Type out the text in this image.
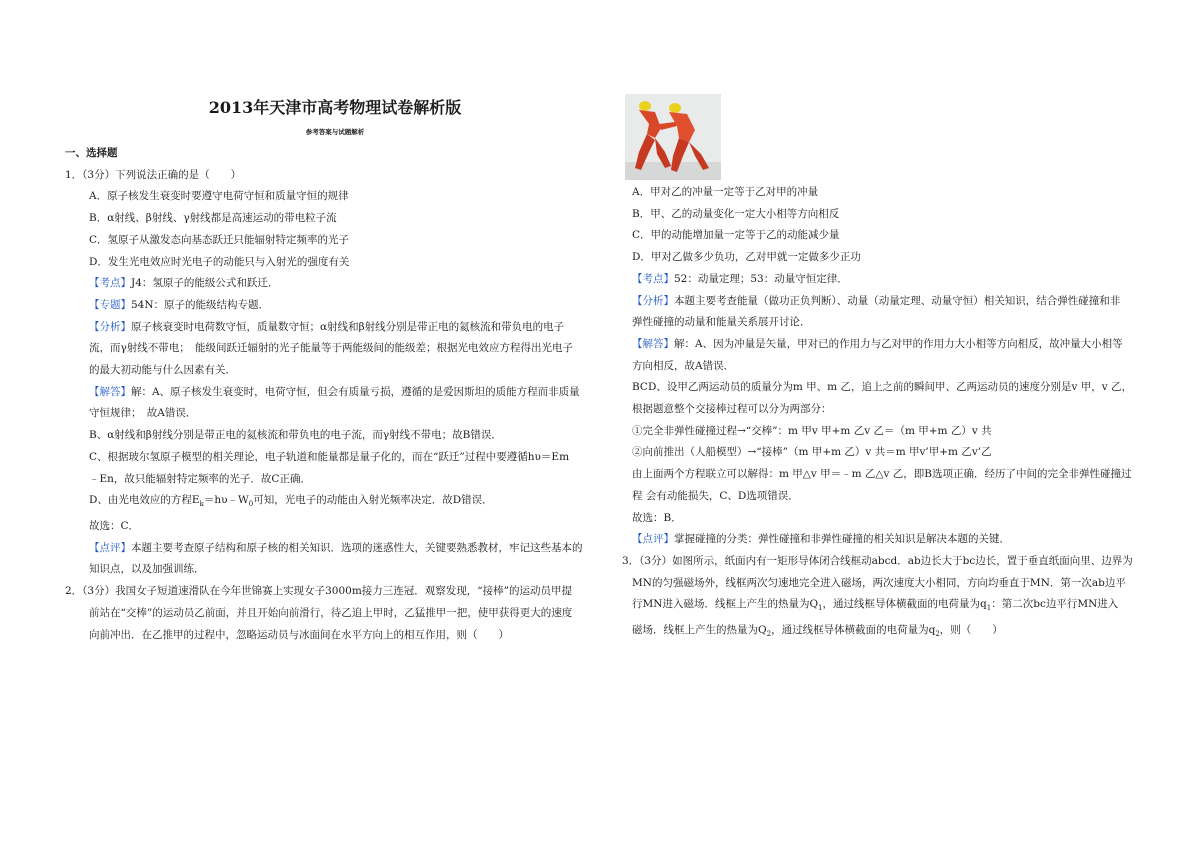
2013年天津市高考物理试卷解析版
参考答案与试题解析

一、选择题

1．（3分）下列说法正确的是（　　）

A．原子核发生衰变时要遵守电荷守恒和质量守恒的规律

B．α射线、β射线、γ射线都是高速运动的带电粒子流

C．氢原子从激发态向基态跃迁只能辐射特定频率的光子

D．发生光电效应时光电子的动能只与入射光的强度有关

【考点】J4：氢原子的能级公式和跃迁．

【专题】54N：原子的能级结构专题．

【分析】原子核衰变时电荷数守恒，质量数守恒；α射线和β射线分别是带正电的氦核流和带负电的电子

流，而γ射线不带电；　能级间跃迁辐射的光子能量等于两能级间的能级差；根据光电效应方程得出光电子

的最大初动能与什么因素有关．

【解答】解：A、原子核发生衰变时，电荷守恒，但会有质量亏损，遵循的是爱因斯坦的质能方程而非质量

守恒规律；　故A错误．

B、α射线和β射线分别是带正电的氦核流和带负电的电子流，而γ射线不带电；故B错误．

C、根据玻尔氢原子模型的相关理论，电子轨道和能量都是量子化的，而在“跃迁”过程中要遵循hυ＝Em

﹣En，故只能辐射特定频率的光子．故C正确．

D、由光电效应的方程$E_k=h\upsilon﹣W_0$可知，光电子的动能由入射光频率决定．故D错误．

故选：C．

【点评】本题主要考查原子结构和原子核的相关知识．选项的迷惑性大，关键要熟悉教材，牢记这些基本的

知识点，以及加强训练．

2．（3分）我国女子短道速滑队在今年世锦赛上实现女子3000m接力三连冠．观察发现，“接棒”的运动员甲提

前站在“交棒”的运动员乙前面，并且开始向前滑行，待乙追上甲时，乙猛推甲一把，使甲获得更大的速度

向前冲出．在乙推甲的过程中，忽略运动员与冰面间在水平方向上的相互作用，则（　　）

A．甲对乙的冲量一定等于乙对甲的冲量

B．甲、乙的动量变化一定大小相等方向相反

C．甲的动能增加量一定等于乙的动能减少量

D．甲对乙做多少负功，乙对甲就一定做多少正功

【考点】52：动量定理；53：动量守恒定律．

【分析】本题主要考查能量（做功正负判断）、动量（动量定理、动量守恒）相关知识，结合弹性碰撞和非

弹性碰撞的动量和能量关系展开讨论．

【解答】解：A、因为冲量是矢量，甲对已的作用力与乙对甲的作用力大小相等方向相反，故冲量大小相等

方向相反，故A错误．

BCD、设甲乙两运动员的质量分为m 甲、m 乙，追上之前的瞬间甲、乙两运动员的速度分别是v 甲，v 乙，

根据题意整个交接棒过程可以分为两部分：

①完全非弹性碰撞过程→“交棒”：m 甲v 甲+m 乙v 乙＝（m 甲+m 乙）v 共

②向前推出（人船模型）→“接棒”（m 甲+m 乙）v 共＝m 甲v’甲+m 乙v’乙

由上面两个方程联立可以解得：m 甲△v 甲＝﹣m 乙△v 乙，即B选项正确．经历了中间的完全非弹性碰撞过

程 会有动能损失，C、D选项错误．

故选：B．

【点评】掌握碰撞的分类：弹性碰撞和非弹性碰撞的相关知识是解决本题的关键．

3．（3分）如图所示，纸面内有一矩形导体闭合线框动abcd．ab边长大于bc边长，置于垂直纸面向里、边界为

MN的匀强磁场外，线框两次匀速地完全进入磁场，两次速度大小相同，方向均垂直于MN．第一次ab边平

行MN进入磁场．线框上产生的热量为$Q_1$，通过线框导体横截面的电荷量为$q_1$：第二次bc边平行MN进入

磁场．线框上产生的热量为$Q_2$，通过线框导体横截面的电荷量为$q_2$，则（　　）
